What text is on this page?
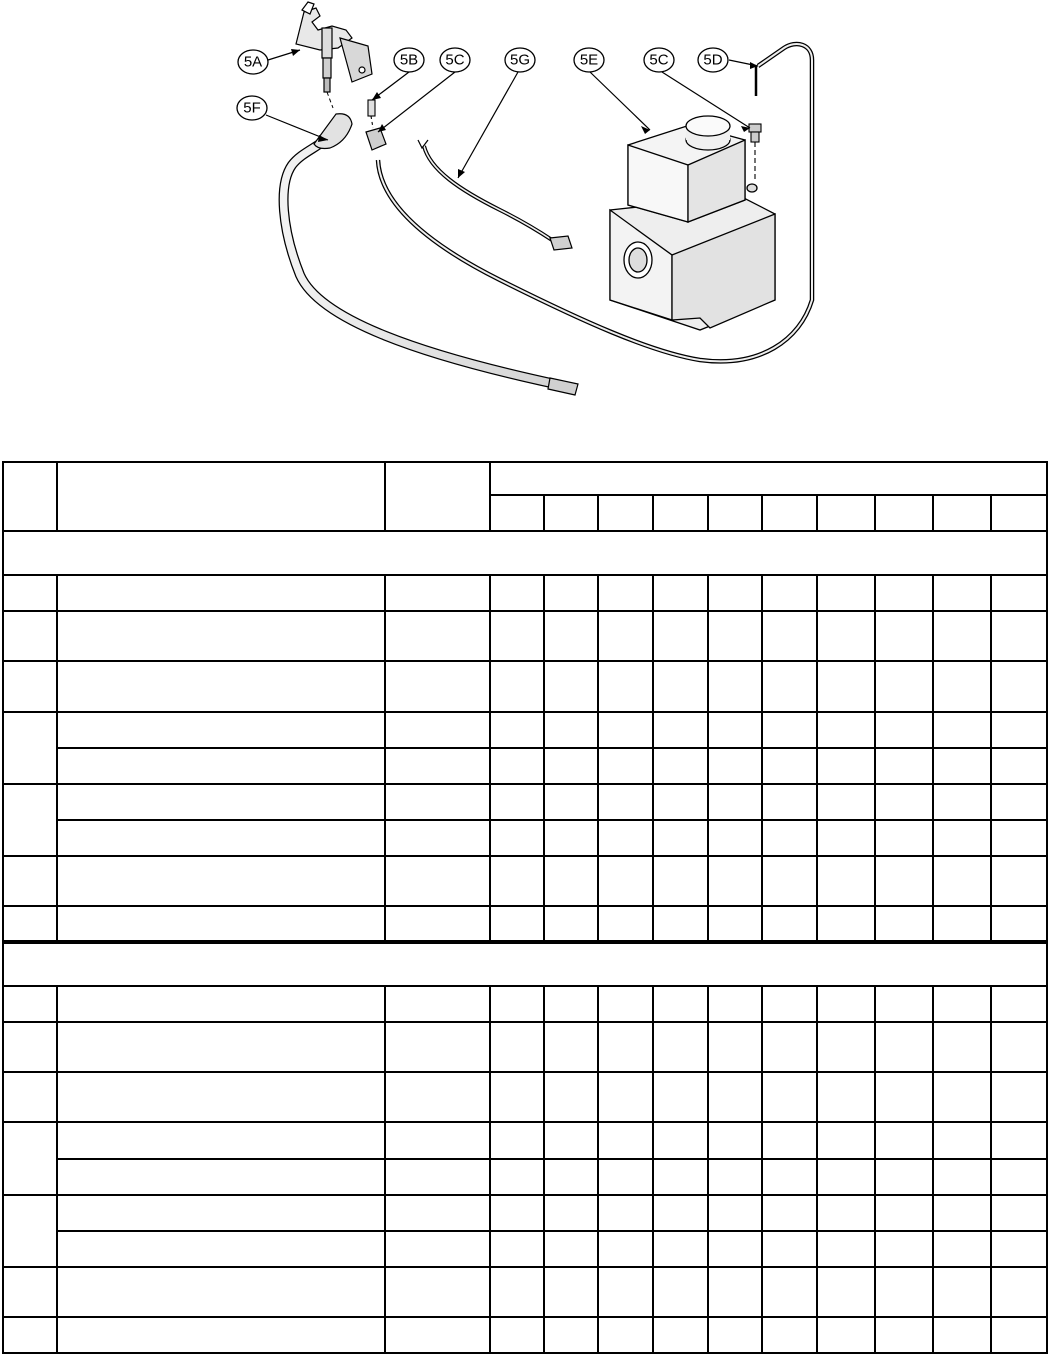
5A	5B 5C	5G	5E	5C 5D
5F
